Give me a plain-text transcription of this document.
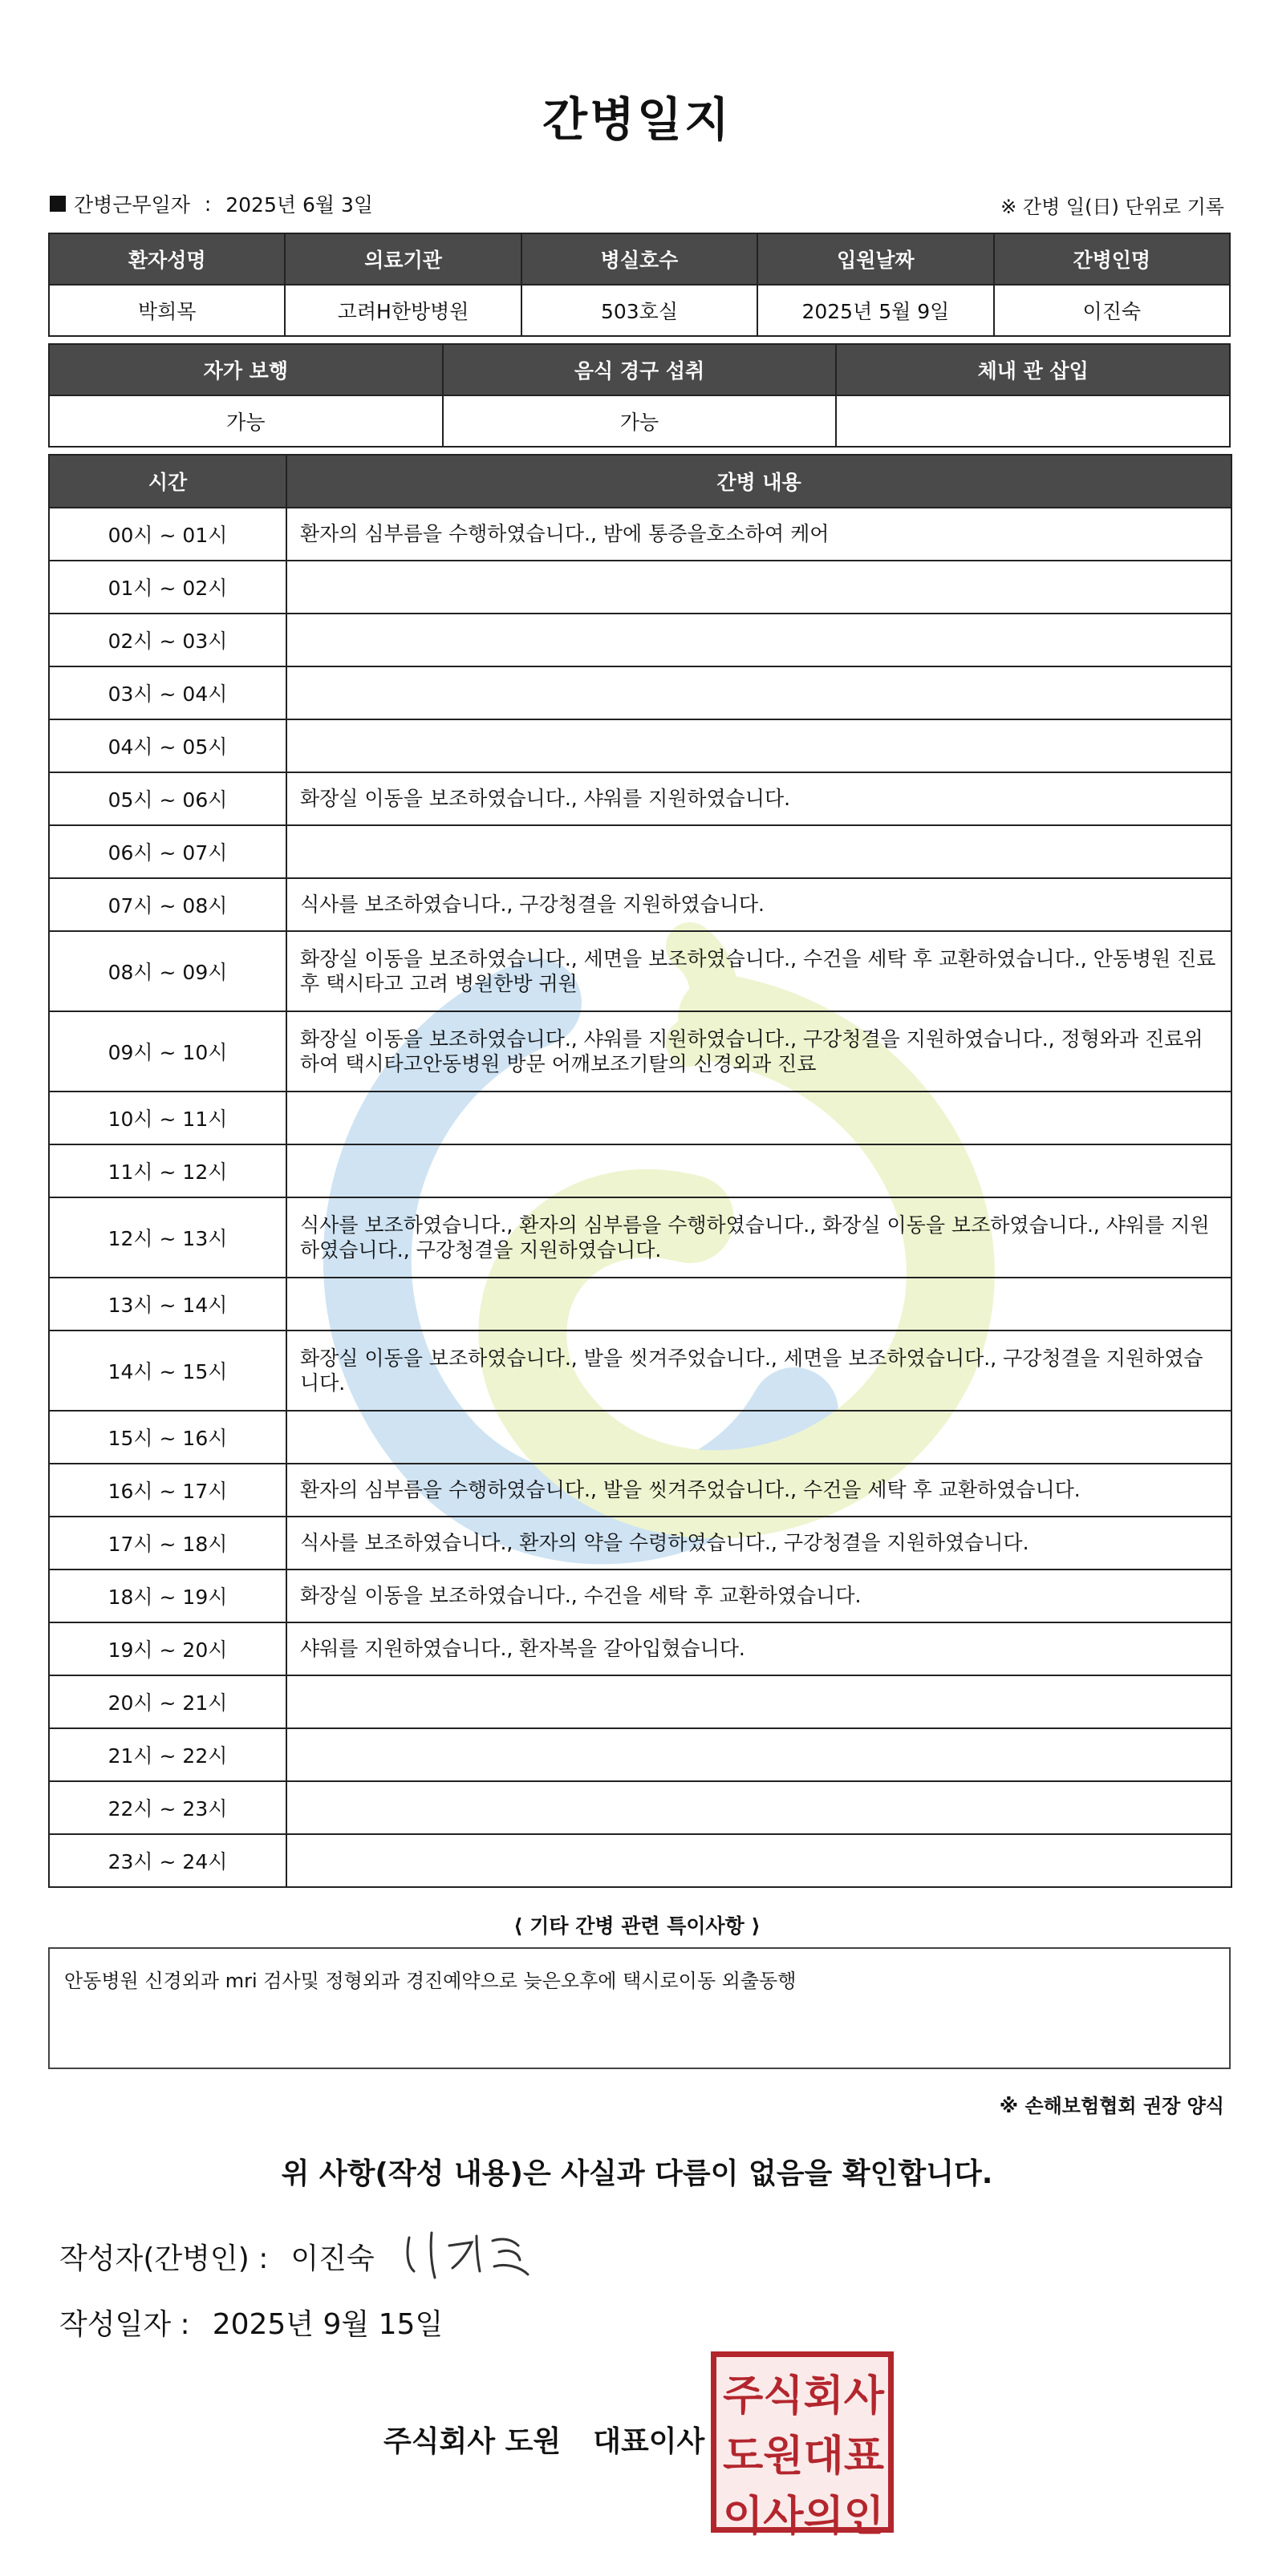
간병일지
간병근무일자 : 2025년 6월 3일	※ 간병 일(日) 단위로 기록
환자성명	의료기관	병실호수	입원날짜	간병인명
박희목	고려H한방병원	503호실	2025년 5월 9일	이진숙
자가 보행	음식 경구 섭취	체내 관 삽입
가능	가능	
시간	간병 내용
00시 ~ 01시	환자의 심부름을 수행하였습니다., 밤에 통증을호소하여 케어
01시 ~ 02시	
02시 ~ 03시	
03시 ~ 04시	
04시 ~ 05시	
05시 ~ 06시	화장실 이동을 보조하였습니다., 샤워를 지원하였습니다.
06시 ~ 07시	
07시 ~ 08시	식사를 보조하였습니다., 구강청결을 지원하였습니다.
08시 ~ 09시	화장실 이동을 보조하였습니다., 세면을 보조하였습니다., 수건을 세탁 후 교환하였습니다., 안동병원 진료후 택시타고 고려 병원한방 귀원
09시 ~ 10시	화장실 이동을 보조하였습니다., 샤워를 지원하였습니다., 구강청결을 지원하였습니다., 정형와과 진료위하여 택시타고안동병원 방문 어깨보조기탈의 신경외과 진료
10시 ~ 11시	
11시 ~ 12시	
12시 ~ 13시	식사를 보조하였습니다., 환자의 심부름을 수행하였습니다., 화장실 이동을 보조하였습니다., 샤워를 지원하였습니다., 구강청결을 지원하였습니다.
13시 ~ 14시	
14시 ~ 15시	화장실 이동을 보조하였습니다., 발을 씻겨주었습니다., 세면을 보조하였습니다., 구강청결을 지원하였습니다.
15시 ~ 16시	
16시 ~ 17시	환자의 심부름을 수행하였습니다., 발을 씻겨주었습니다., 수건을 세탁 후 교환하였습니다.
17시 ~ 18시	식사를 보조하였습니다., 환자의 약을 수령하였습니다., 구강청결을 지원하였습니다.
18시 ~ 19시	화장실 이동을 보조하였습니다., 수건을 세탁 후 교환하였습니다.
19시 ~ 20시	샤워를 지원하였습니다., 환자복을 갈아입혔습니다.
20시 ~ 21시	
21시 ~ 22시	
22시 ~ 23시	
23시 ~ 24시	
⟨ 기타 간병 관련 특이사항 ⟩
안동병원 신경외과 mri 검사및 정형외과 경진예약으로 늦은오후에 택시로이동 외출동행
※ 손해보험협회 권장 양식
위 사항(작성 내용)은 사실과 다름이 없음을 확인합니다.
작성자(간병인) : 이진숙
작성일자 : 2025년 9월 15일
주식회사 도원 대표이사
주 식 회 사
도 원 대 표
이 사 의 인
